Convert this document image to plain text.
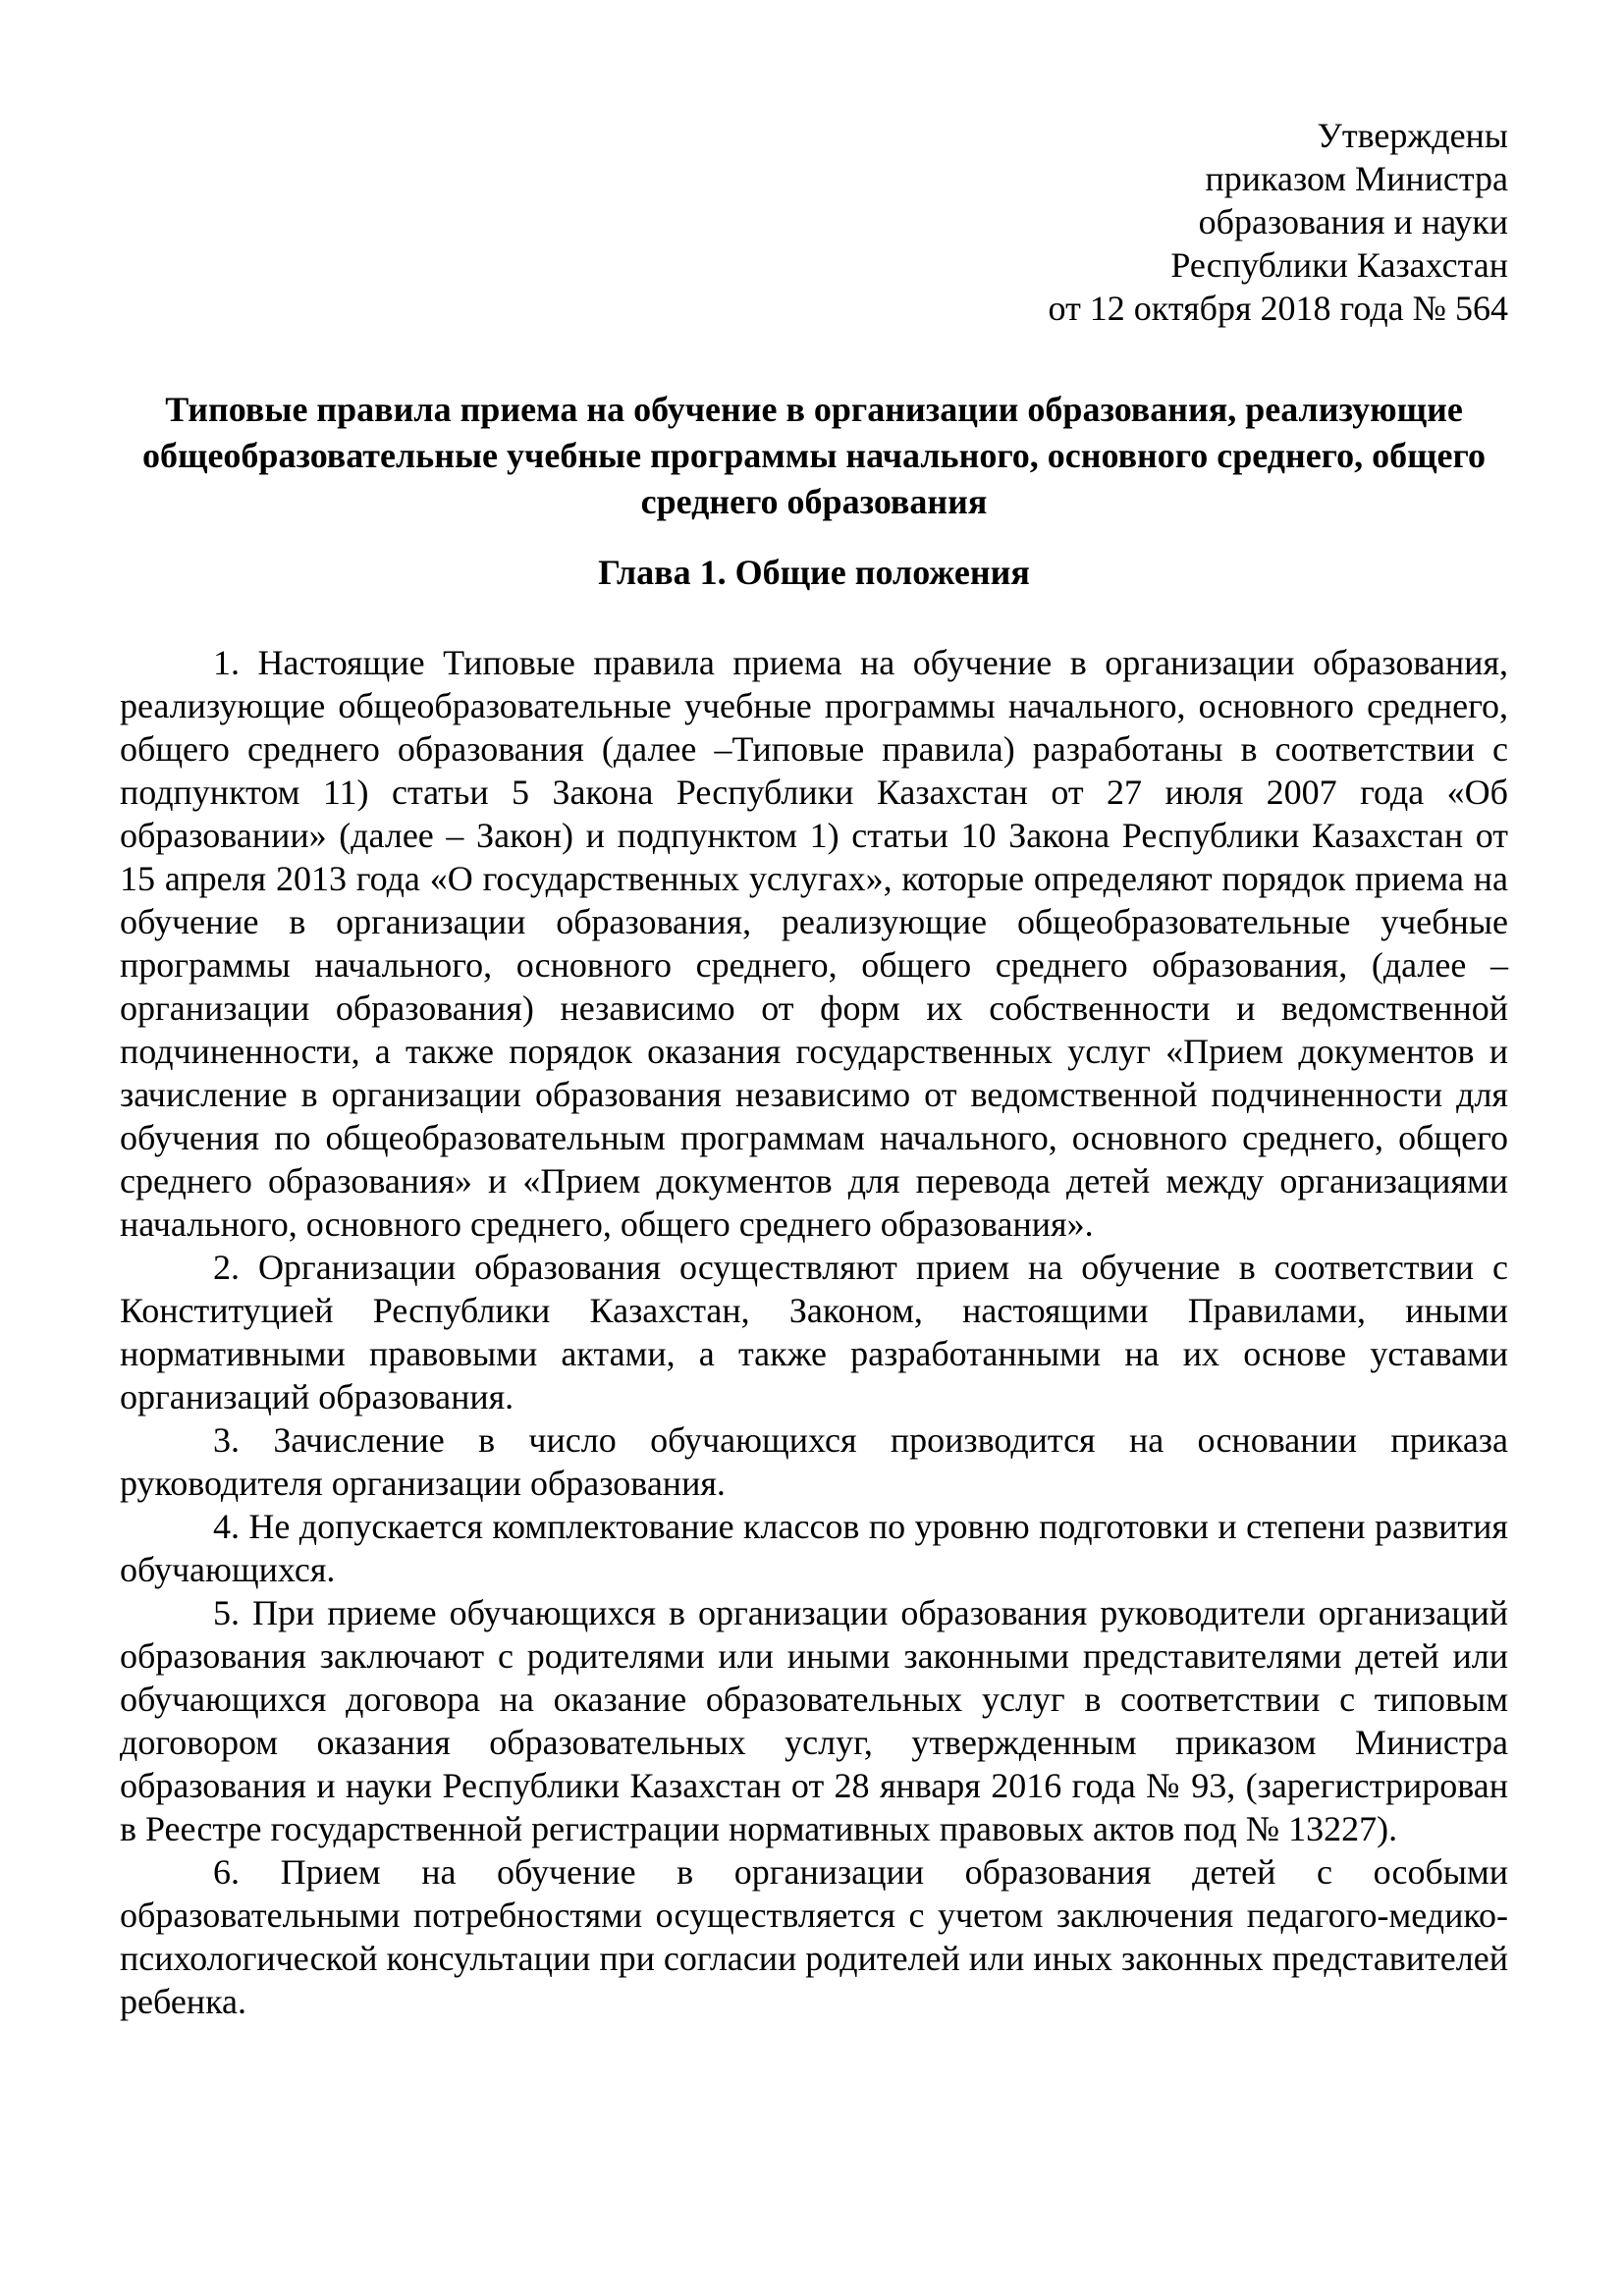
Утверждены
приказом Министра
образования и науки
Республики Казахстан
от 12 октября 2018 года № 564
Типовые правила приема на обучение в организации образования, реализующие общеобразовательные учебные программы начального, основного среднего, общего среднего образования
Глава 1. Общие положения

1. Настоящие Типовые правила приема на обучение в организации образования, реализующие общеобразовательные учебные программы начального, основного среднего, общего среднего образования (далее –Типовые правила) разработаны в соответствии с подпунктом 11) статьи 5 Закона Республики Казахстан от 27 июля 2007 года «Об образовании» (далее – Закон) и подпунктом 1) статьи 10 Закона Республики Казахстан от 15 апреля 2013 года «О государственных услугах», которые определяют порядок приема на обучение в организации образования, реализующие общеобразовательные учебные программы начального, основного среднего, общего среднего образования, (далее – организации образования) независимо от форм их собственности и ведомственной подчиненности, а также порядок оказания государственных услуг «Прием документов и зачисление в организации образования независимо от ведомственной подчиненности для обучения по общеобразовательным программам начального, основного среднего, общего среднего образования» и «Прием документов для перевода детей между организациями начального, основного среднего, общего среднего образования».

2. Организации образования осуществляют прием на обучение в соответствии с Конституцией Республики Казахстан, Законом, настоящими Правилами, иными нормативными правовыми актами, а также разработанными на их основе уставами организаций образования.

3. Зачисление в число обучающихся производится на основании приказа руководителя организации образования.

4. Не допускается комплектование классов по уровню подготовки и степени развития обучающихся.

5. При приеме обучающихся в организации образования руководители организаций образования заключают с родителями или иными законными представителями детей или обучающихся договора на оказание образовательных услуг в соответствии с типовым договором оказания образовательных услуг, утвержденным приказом Министра образования и науки Республики Казахстан от 28 января 2016 года № 93, (зарегистрирован в Реестре государственной регистрации нормативных правовых актов под № 13227).

6. Прием на обучение в организации образования детей с особыми образовательными потребностями осуществляется с учетом заключения педагого-медико-психологической консультации при согласии родителей или иных законных представителей ребенка.
